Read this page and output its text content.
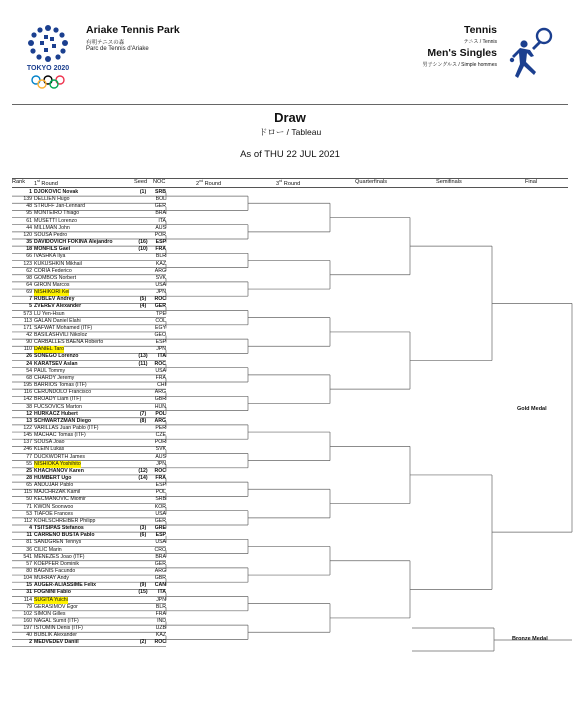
TOKYO 2020
Ariake Tennis Park
有明テニスの森
Parc de Tennis d'Ariake
Tennis
テニス / Tennis
Men's Singles
男子シングルス / Simple hommes
Draw
ドロー / Tableau
As of THU 22 JUL 2021
Rank 1st Round	Seed NOC	2nd Round	3rd Round	Quarterfinals	Semifinals	Final
1 DJOKOVIC Novak	(1)	SRB
139 DELLIEN Hugo	BOL
48 STRUFF Jan-Lennard	GER
95 MONTEIRO Thiago	BRA
61 MUSETTI Lorenzo	ITA
44 MILLMAN John	AUS
120 SOUSA Pedro	POR
35 DAVIDOVICH FOKINA Alejandro	(16)	ESP
18 MONFILS Gael	(10)	FRA
66 IVASHKA Ilya	BLR
123 KUKUSHKIN Mikhail	KAZ
62 CORIA Federico	ARG
98 GOMBOS Norbert	SVK
64 GIRON Marcos	USA
69 NISHIKORI Kei	JPN
7 RUBLEV Andrey	(5)	ROC
5 ZVEREV Alexander	(4)	GER
573 LU Yen-Hsun	TPE
113 GALAN Daniel Elahi	COL
171 SAFWAT Mohamed (ITF)	EGY
42 BASILASHVILI Nikoloz	GEO
90 CARBALLES BAENA Roberto	ESP
110 DANIEL Taro	JPN
26 SONEGO Lorenzo	(13)	ITA
24 KARATSEV Aslan	(11)	ROC
54 PAUL Tommy	USA
68 CHARDY Jeremy	FRA
195 BARRIOS Tomas (ITF)	CHI
116 CERUNDOLO Francisco	ARG
142 BROADY Liam (ITF)	GBR
38 FUCSOVICS Marton	HUN
12 HURKACZ Hubert	(7)	POL
13 SCHWARTZMAN Diego	(8)	ARG
122 VARILLAS Juan Pablo (ITF)	PER
145 MACHAC Tomas (ITF)	CZE
137 SOUSA Joao	POR
246 KLEIN Lukas	SVK
77 DUCKWORTH James	AUS
55 NISHIOKA Yoshihito	JPN
25 KHACHANOV Karen	(12)	ROC
28 HUMBERT Ugo	(14)	FRA
65 ANDUJAR Pablo	ESP
115 MAJCHRZAK Kamil	POL
50 KECMANOVIC Miomir	SRB
71 KWON Soonwoo	KOR
53 TIAFOE Frances	USA
112 KOHLSCHREIBER Philipp	GER
4 TSITSIPAS Stefanos	(3)	GRE
11 CARRENO BUSTA Pablo	(6)	ESP
81 SANDGREN Tennys	USA
36 CILIC Marin	CRO
541 MENEZES Joao (ITF)	BRA
57 KOEPFER Dominik	GER
80 BAGNIS Facundo	ARG
104 MURRAY Andy	GBR
15 AUGER-ALIASSIME Felix	(9)	CAN
31 FOGNINI Fabio	(15)	ITA
114 SUGITA Yuichi	JPN
79 GERASIMOV Egor	BLR
102 SIMON Gilles	FRA
160 NAGAL Sumit (ITF)	IND
197 ISTOMIN Denis (ITF)	UZB
40 BUBLIK Alexander	KAZ
2 MEDVEDEV Daniil	(2)	ROC
Gold Medal
Bronze Medal
